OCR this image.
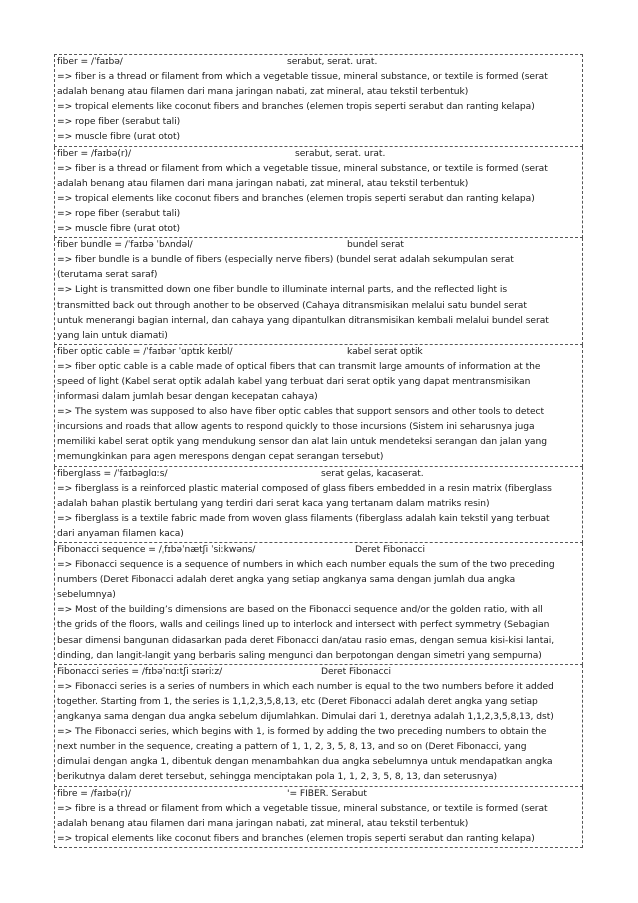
fiber = /ˈfaɪbə/	serabut, serat. urat.
=> fiber is a thread or filament from which a vegetable tissue, mineral substance, or textile is formed (serat
adalah benang atau filamen dari mana jaringan nabati, zat mineral, atau tekstil terbentuk)
=> tropical elements like coconut fibers and branches (elemen tropis seperti serabut dan ranting kelapa)
=> rope fiber (serabut tali)
=> muscle fibre (urat otot)
fiber = /faɪbə(r)/	serabut, serat. urat.
=> fiber is a thread or filament from which a vegetable tissue, mineral substance, or textile is formed (serat
adalah benang atau filamen dari mana jaringan nabati, zat mineral, atau tekstil terbentuk)
=> tropical elements like coconut fibers and branches (elemen tropis seperti serabut dan ranting kelapa)
=> rope fiber (serabut tali)
=> muscle fibre (urat otot)
fiber bundle = /ˈfaɪbə ˈbʌndəl/	bundel serat
=> fiber bundle is a bundle of fibers (especially nerve fibers) (bundel serat adalah sekumpulan serat
(terutama serat saraf)
=> Light is transmitted down one fiber bundle to illuminate internal parts, and the reflected light is
transmitted back out through another to be observed (Cahaya ditransmisikan melalui satu bundel serat
untuk menerangi bagian internal, dan cahaya yang dipantulkan ditransmisikan kembali melalui bundel serat
yang lain untuk diamati)
fiber optic cable = /ˈfaɪbər ˈɑptɪk keɪbl/	kabel serat optik
=> fiber optic cable is a cable made of optical fibers that can transmit large amounts of information at the
speed of light (Kabel serat optik adalah kabel yang terbuat dari serat optik yang dapat mentransmisikan
informasi dalam jumlah besar dengan kecepatan cahaya)
=> The system was supposed to also have fiber optic cables that support sensors and other tools to detect
incursions and roads that allow agents to respond quickly to those incursions (Sistem ini seharusnya juga
memiliki kabel serat optik yang mendukung sensor dan alat lain untuk mendeteksi serangan dan jalan yang
memungkinkan para agen merespons dengan cepat serangan tersebut)
fiberglass = /ˈfaɪbəglɑːs/	serat gelas, kacaserat.
=> fiberglass is a reinforced plastic material composed of glass fibers embedded in a resin matrix (fiberglass
adalah bahan plastik bertulang yang terdiri dari serat kaca yang tertanam dalam matriks resin)
=> fiberglass is a textile fabric made from woven glass filaments (fiberglass adalah kain tekstil yang terbuat
dari anyaman filamen kaca)
Fibonacci sequence = /ˌfɪbəˈnætʃi ˈsiːkwəns/	Deret Fibonacci
=> Fibonacci sequence is a sequence of numbers in which each number equals the sum of the two preceding
numbers (Deret Fibonacci adalah deret angka yang setiap angkanya sama dengan jumlah dua angka
sebelumnya)
=> Most of the building’s dimensions are based on the Fibonacci sequence and/or the golden ratio, with all
the grids of the floors, walls and ceilings lined up to interlock and intersect with perfect symmetry (Sebagian
besar dimensi bangunan didasarkan pada deret Fibonacci dan/atau rasio emas, dengan semua kisi-kisi lantai,
dinding, dan langit-langit yang berbaris saling mengunci dan berpotongan dengan simetri yang sempurna)
Fibonacci series = /fɪbəˈnɑːtʃi sɪəriːz/	Deret Fibonacci
=> Fibonacci series is a series of numbers in which each number is equal to the two numbers before it added
together. Starting from 1, the series is 1,1,2,3,5,8,13, etc (Deret Fibonacci adalah deret angka yang setiap
angkanya sama dengan dua angka sebelum dijumlahkan. Dimulai dari 1, deretnya adalah 1,1,2,3,5,8,13, dst)
=> The Fibonacci series, which begins with 1, is formed by adding the two preceding numbers to obtain the
next number in the sequence, creating a pattern of 1, 1, 2, 3, 5, 8, 13, and so on (Deret Fibonacci, yang
dimulai dengan angka 1, dibentuk dengan menambahkan dua angka sebelumnya untuk mendapatkan angka
berikutnya dalam deret tersebut, sehingga menciptakan pola 1, 1, 2, 3, 5, 8, 13, dan seterusnya)
fibre = /faɪbə(r)/	'= FIBER. Serabut
=> fibre is a thread or filament from which a vegetable tissue, mineral substance, or textile is formed (serat
adalah benang atau filamen dari mana jaringan nabati, zat mineral, atau tekstil terbentuk)
=> tropical elements like coconut fibers and branches (elemen tropis seperti serabut dan ranting kelapa)
